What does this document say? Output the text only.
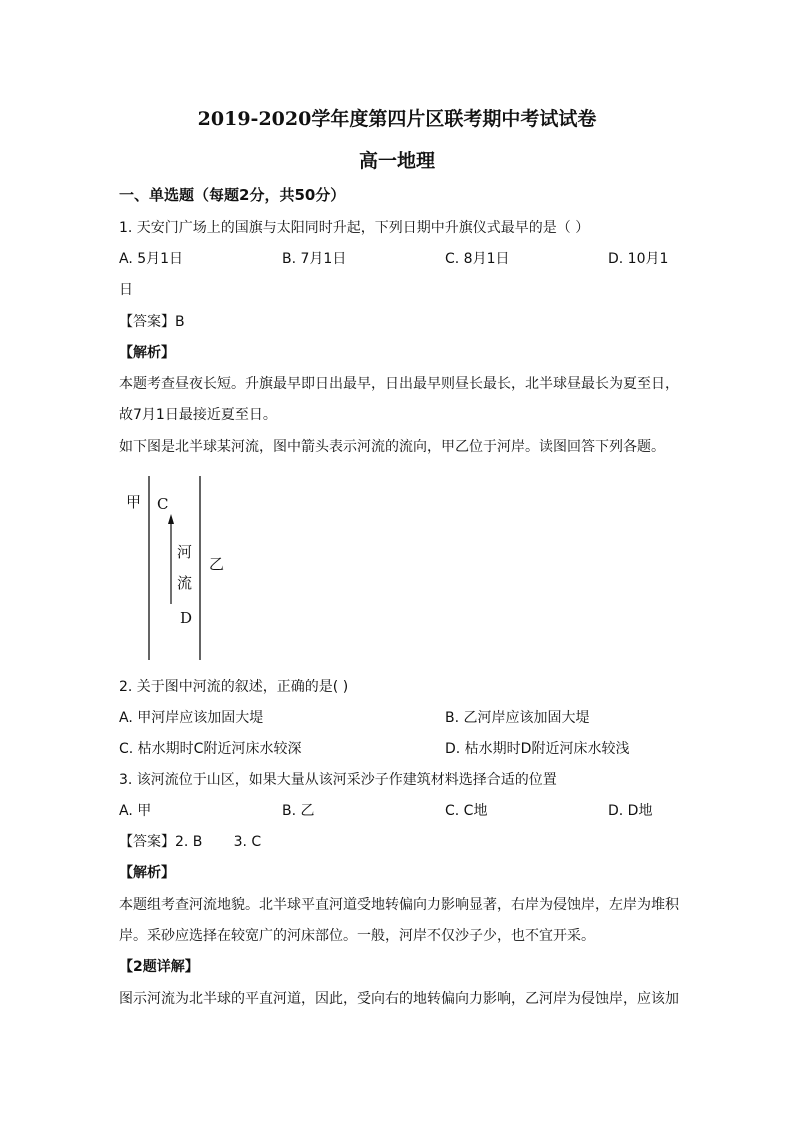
2019-2020学年度第四片区联考期中考试试卷
高一地理
一、单选题（每题2分，共50分）
1. 天安门广场上的国旗与太阳同时升起，下列日期中升旗仪式最早的是（ ）
A. 5月1日	B. 7月1日	C. 8月1日	D. 10月1
日
【答案】B
【解析】
本题考查昼夜长短。升旗最早即日出最早，日出最早则昼长最长，北半球昼最长为夏至日，
故7月1日最接近夏至日。
如下图是北半球某河流，图中箭头表示河流的流向，甲乙位于河岸。读图回答下列各题。
甲 C
河
流
D
乙
2. 关于图中河流的叙述，正确的是( )
A. 甲河岸应该加固大堤	B. 乙河岸应该加固大堤
C. 枯水期时C附近河床水较深	D. 枯水期时D附近河床水较浅
3. 该河流位于山区，如果大量从该河采沙子作建筑材料选择合适的位置
A. 甲	B. 乙	C. C地	D. D地
【答案】2. B       3. C
【解析】
本题组考查河流地貌。北半球平直河道受地转偏向力影响显著，右岸为侵蚀岸，左岸为堆积
岸。采砂应选择在较宽广的河床部位。一般，河岸不仅沙子少，也不宜开采。
【2题详解】
图示河流为北半球的平直河道，因此，受向右的地转偏向力影响，乙河岸为侵蚀岸，应该加
